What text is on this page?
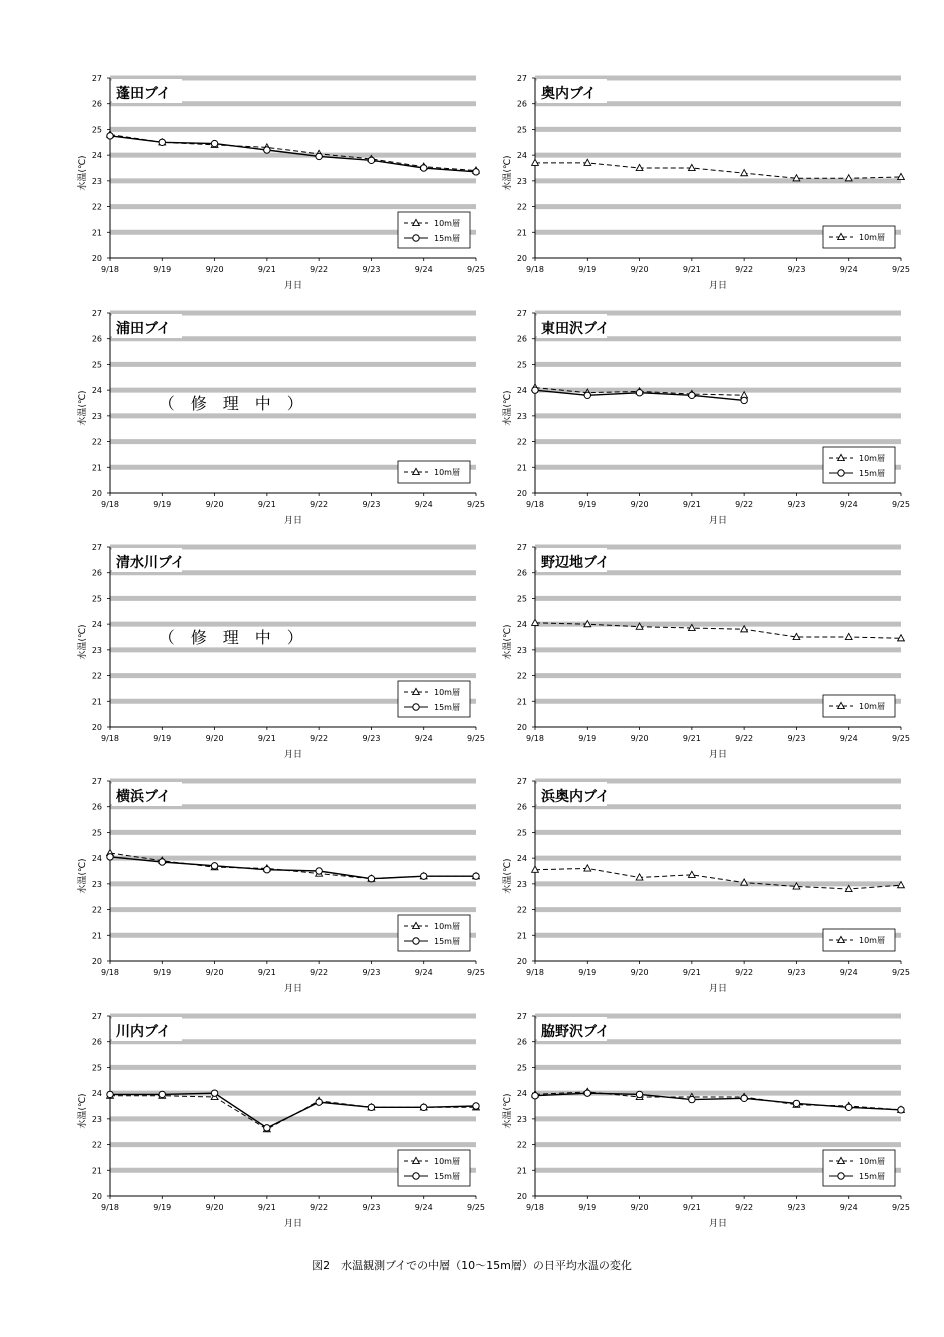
20
21
22
23
24
25
26
27
9/18	9/19	9/20	9/21	9/22	9/23	9/24	9/25
月日
水温(℃)
蓬田ブイ
10m層
15m層
20
21
22
23
24
25
26
27
9/18	9/19	9/20	9/21	9/22	9/23	9/24	9/25
月日
水温(℃)
奥内ブイ
10m層
20
21
22
23
24
25
26
27
9/18	9/19	9/20	9/21	9/22	9/23	9/24	9/25
月日
水温(℃)
浦田ブイ
（　修　理　中　）
10m層
20
21
22
23
24
25
26
27
9/18	9/19	9/20	9/21	9/22	9/23	9/24	9/25
月日
水温(℃)
東田沢ブイ
10m層
15m層
20
21
22
23
24
25
26
27
9/18	9/19	9/20	9/21	9/22	9/23	9/24	9/25
月日
水温(℃)
清水川ブイ
（　修　理　中　）
10m層
15m層
20
21
22
23
24
25
26
27
9/18	9/19	9/20	9/21	9/22	9/23	9/24	9/25
月日
水温(℃)
野辺地ブイ
10m層
20
21
22
23
24
25
26
27
9/18	9/19	9/20	9/21	9/22	9/23	9/24	9/25
月日
水温(℃)
横浜ブイ
10m層
15m層
20
21
22
23
24
25
26
27
9/18	9/19	9/20	9/21	9/22	9/23	9/24	9/25
月日
水温(℃)
浜奥内ブイ
10m層
20
21
22
23
24
25
26
27
9/18	9/19	9/20	9/21	9/22	9/23	9/24	9/25
月日
水温(℃)
川内ブイ
10m層
15m層
20
21
22
23
24
25
26
27
9/18	9/19	9/20	9/21	9/22	9/23	9/24	9/25
月日
水温(℃)
脇野沢ブイ
10m層
15m層
図2　水温観測ブイでの中層（10～15m層）の日平均水温の変化
